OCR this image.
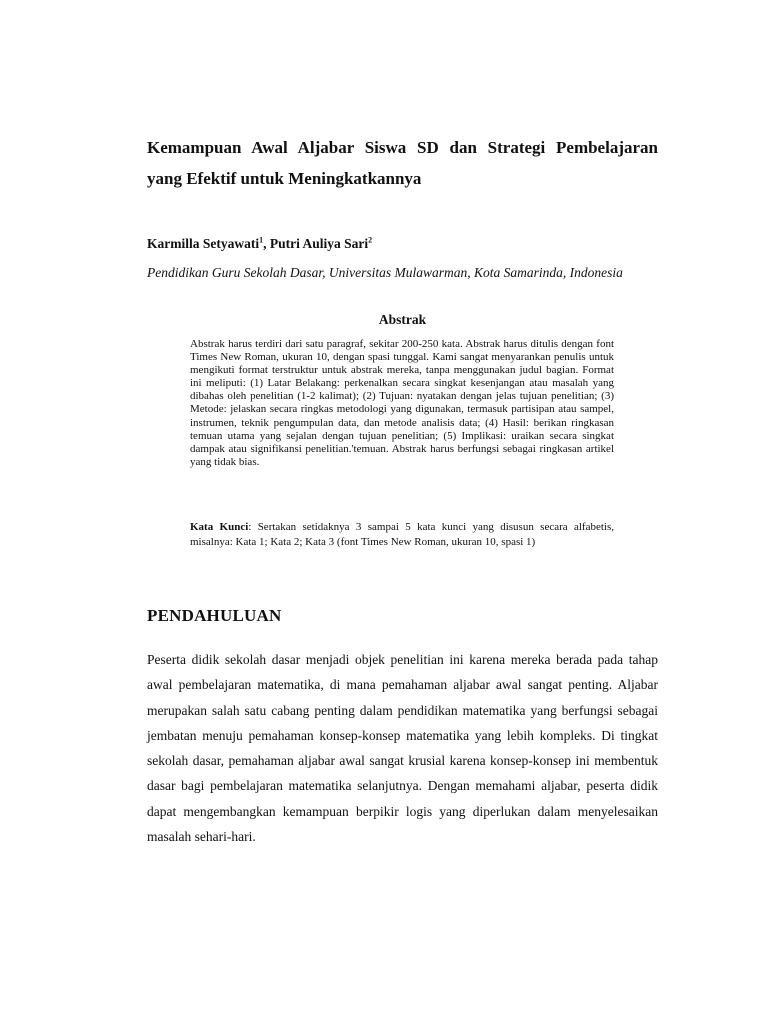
Kemampuan Awal Aljabar Siswa SD dan Strategi Pembelajaran
yang Efektif untuk Meningkatkannya

Karmilla Setyawati$^1$, Putri Auliya Sari$^2$

Pendidikan Guru Sekolah Dasar, Universitas Mulawarman, Kota Samarinda, Indonesia

Abstrak

Abstrak harus terdiri dari satu paragraf, sekitar 200-250 kata. Abstrak harus ditulis dengan font Times New Roman, ukuran 10, dengan spasi tunggal. Kami sangat menyarankan penulis untuk mengikuti format terstruktur untuk abstrak mereka, tanpa menggunakan judul bagian. Format ini meliputi: (1) Latar Belakang: perkenalkan secara singkat kesenjangan atau masalah yang dibahas oleh penelitian (1-2 kalimat); (2) Tujuan: nyatakan dengan jelas tujuan penelitian; (3) Metode: jelaskan secara ringkas metodologi yang digunakan, termasuk partisipan atau sampel, instrumen, teknik pengumpulan data, dan metode analisis data; (4) Hasil: berikan ringkasan temuan utama yang sejalan dengan tujuan penelitian; (5) Implikasi: uraikan secara singkat dampak atau signifikansi penelitian.'temuan. Abstrak harus berfungsi sebagai ringkasan artikel yang tidak bias.

Kata Kunci: Sertakan setidaknya 3 sampai 5 kata kunci yang disusun secara alfabetis, misalnya: Kata 1; Kata 2; Kata 3 (font Times New Roman, ukuran 10, spasi 1)

PENDAHULUAN

Peserta didik sekolah dasar menjadi objek penelitian ini karena mereka berada pada tahap awal pembelajaran matematika, di mana pemahaman aljabar awal sangat penting. Aljabar merupakan salah satu cabang penting dalam pendidikan matematika yang berfungsi sebagai jembatan menuju pemahaman konsep-konsep matematika yang lebih kompleks. Di tingkat sekolah dasar, pemahaman aljabar awal sangat krusial karena konsep-konsep ini membentuk dasar bagi pembelajaran matematika selanjutnya. Dengan memahami aljabar, peserta didik dapat mengembangkan kemampuan berpikir logis yang diperlukan dalam menyelesaikan masalah sehari-hari.
